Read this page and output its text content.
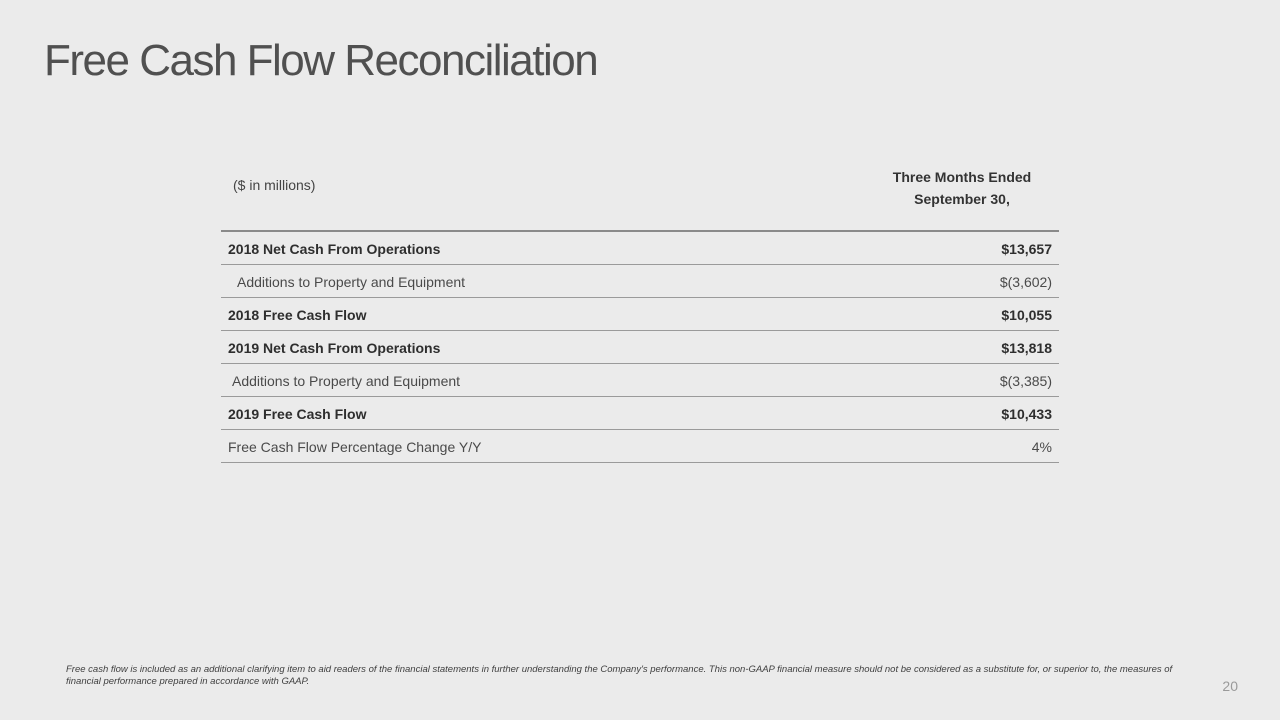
Free Cash Flow Reconciliation
($ in millions)	Three Months Ended
September 30,
2018 Net Cash From Operations	$13,657
Additions to Property and Equipment	$(3,602)
2018 Free Cash Flow	$10,055
2019 Net Cash From Operations	$13,818
Additions to Property and Equipment	$(3,385)
2019 Free Cash Flow	$10,433
Free Cash Flow Percentage Change Y/Y	4%

Free cash flow is included as an additional clarifying item to aid readers of the financial statements in further understanding the Company's performance. This non-GAAP financial measure should not be considered as a substitute for, or superior to, the measures of financial performance prepared in accordance with GAAP.	20
